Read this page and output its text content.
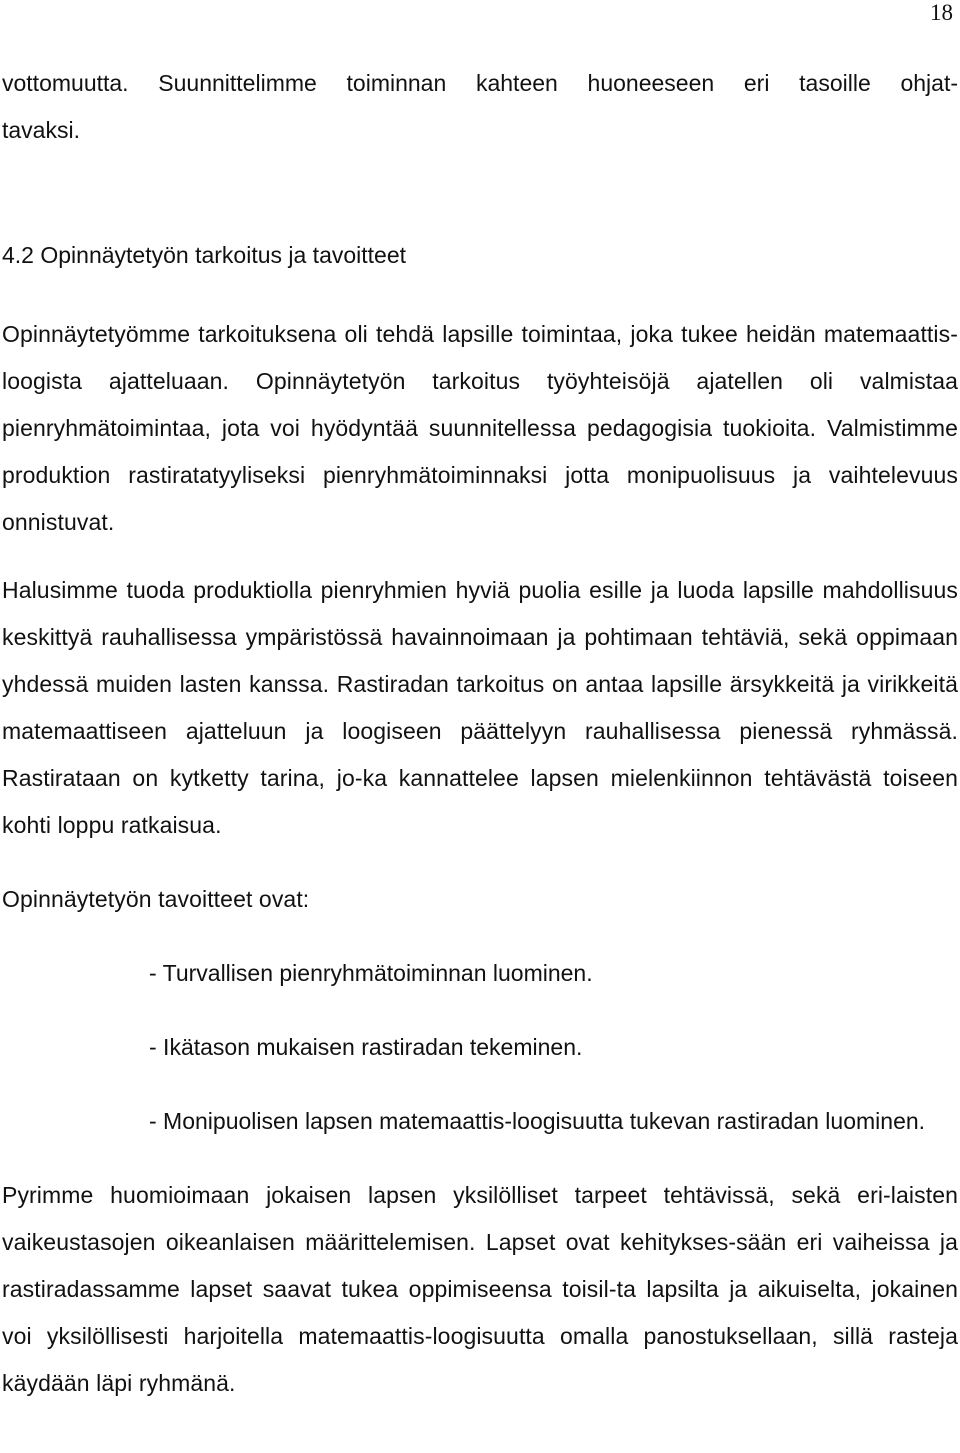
18
vottomuutta. Suunnittelimme toiminnan kahteen huoneeseen eri tasoille ohjat-
tavaksi.
4.2 Opinnäytetyön tarkoitus ja tavoitteet

Opinnäytetyömme tarkoituksena oli tehdä lapsille toimintaa, joka tukee heidän matemaattis-loogista ajatteluaan. Opinnäytetyön tarkoitus työyhteisöjä ajatellen oli valmistaa pienryhmätoimintaa, jota voi hyödyntää suunnitellessa pedagogisia tuokioita. Valmistimme produktion rastiratatyyliseksi pienryhmätoiminnaksi jotta monipuolisuus ja vaihtelevuus onnistuvat.

Halusimme tuoda produktiolla pienryhmien hyviä puolia esille ja luoda lapsille mahdollisuus keskittyä rauhallisessa ympäristössä havainnoimaan ja pohtimaan tehtäviä, sekä oppimaan yhdessä muiden lasten kanssa. Rastiradan tarkoitus on antaa lapsille ärsykkeitä ja virikkeitä matemaattiseen ajatteluun ja loogiseen päättelyyn rauhallisessa pienessä ryhmässä. Rastirataan on kytketty tarina, jo-ka kannattelee lapsen mielenkiinnon tehtävästä toiseen kohti loppu ratkaisua.

Opinnäytetyön tavoitteet ovat:

- Turvallisen pienryhmätoiminnan luominen.
- Ikätason mukaisen rastiradan tekeminen.
- Monipuolisen lapsen matemaattis-loogisuutta tukevan rastiradan luominen.

Pyrimme huomioimaan jokaisen lapsen yksilölliset tarpeet tehtävissä, sekä eri-laisten vaikeustasojen oikeanlaisen määrittelemisen. Lapset ovat kehitykses-sään eri vaiheissa ja rastiradassamme lapset saavat tukea oppimiseensa toisil-ta lapsilta ja aikuiselta, jokainen voi yksilöllisesti harjoitella matemaattis-loogisuutta omalla panostuksellaan, sillä rasteja käydään läpi ryhmänä.
